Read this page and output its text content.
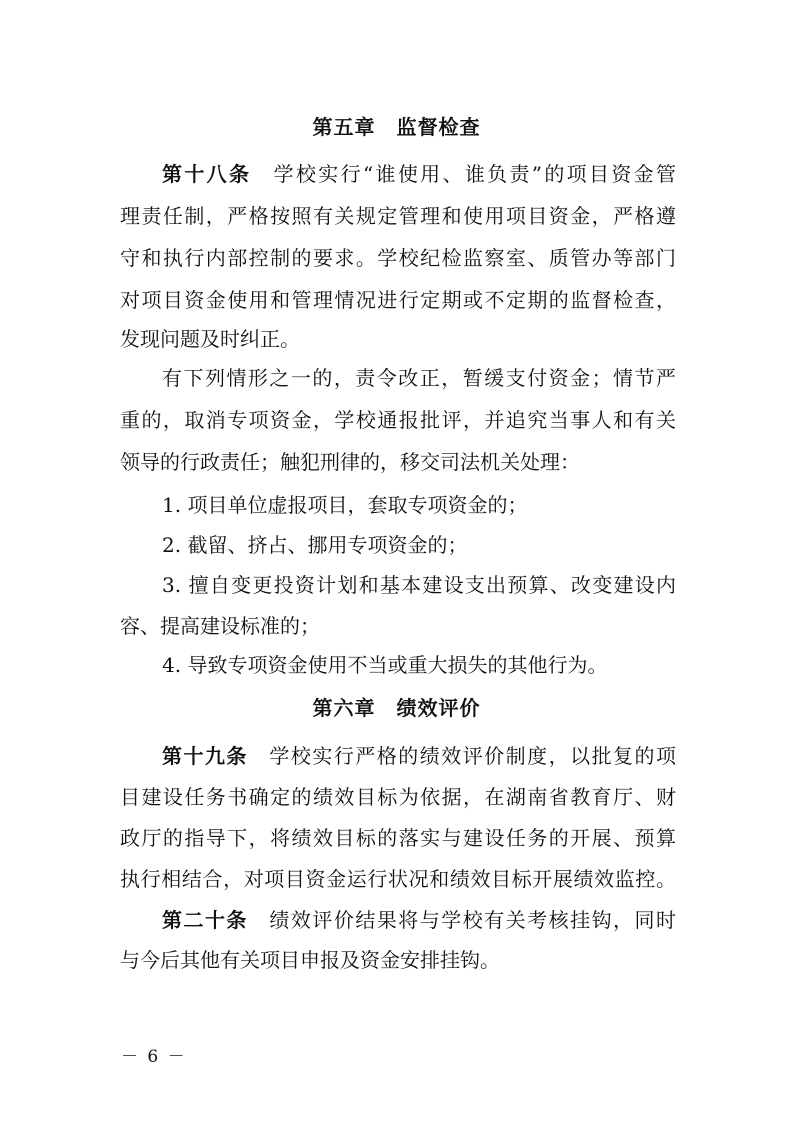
第五章　监督检查
第十八条　学校实行“谁使用、谁负责”的项目资金管
理责任制，严格按照有关规定管理和使用项目资金，严格遵
守和执行内部控制的要求。学校纪检监察室、质管办等部门
对项目资金使用和管理情况进行定期或不定期的监督检查，
发现问题及时纠正。
有下列情形之一的，责令改正，暂缓支付资金；情节严
重的，取消专项资金，学校通报批评，并追究当事人和有关
领导的行政责任；触犯刑律的，移交司法机关处理：
1. 项目单位虚报项目，套取专项资金的；
2. 截留、挤占、挪用专项资金的；
3. 擅自变更投资计划和基本建设支出预算、改变建设内
容、提高建设标准的；
4. 导致专项资金使用不当或重大损失的其他行为。
第六章　绩效评价
第十九条　学校实行严格的绩效评价制度，以批复的项
目建设任务书确定的绩效目标为依据，在湖南省教育厅、财
政厅的指导下，将绩效目标的落实与建设任务的开展、预算
执行相结合，对项目资金运行状况和绩效目标开展绩效监控。
第二十条　绩效评价结果将与学校有关考核挂钩，同时
与今后其他有关项目申报及资金安排挂钩。
－ 6 －
